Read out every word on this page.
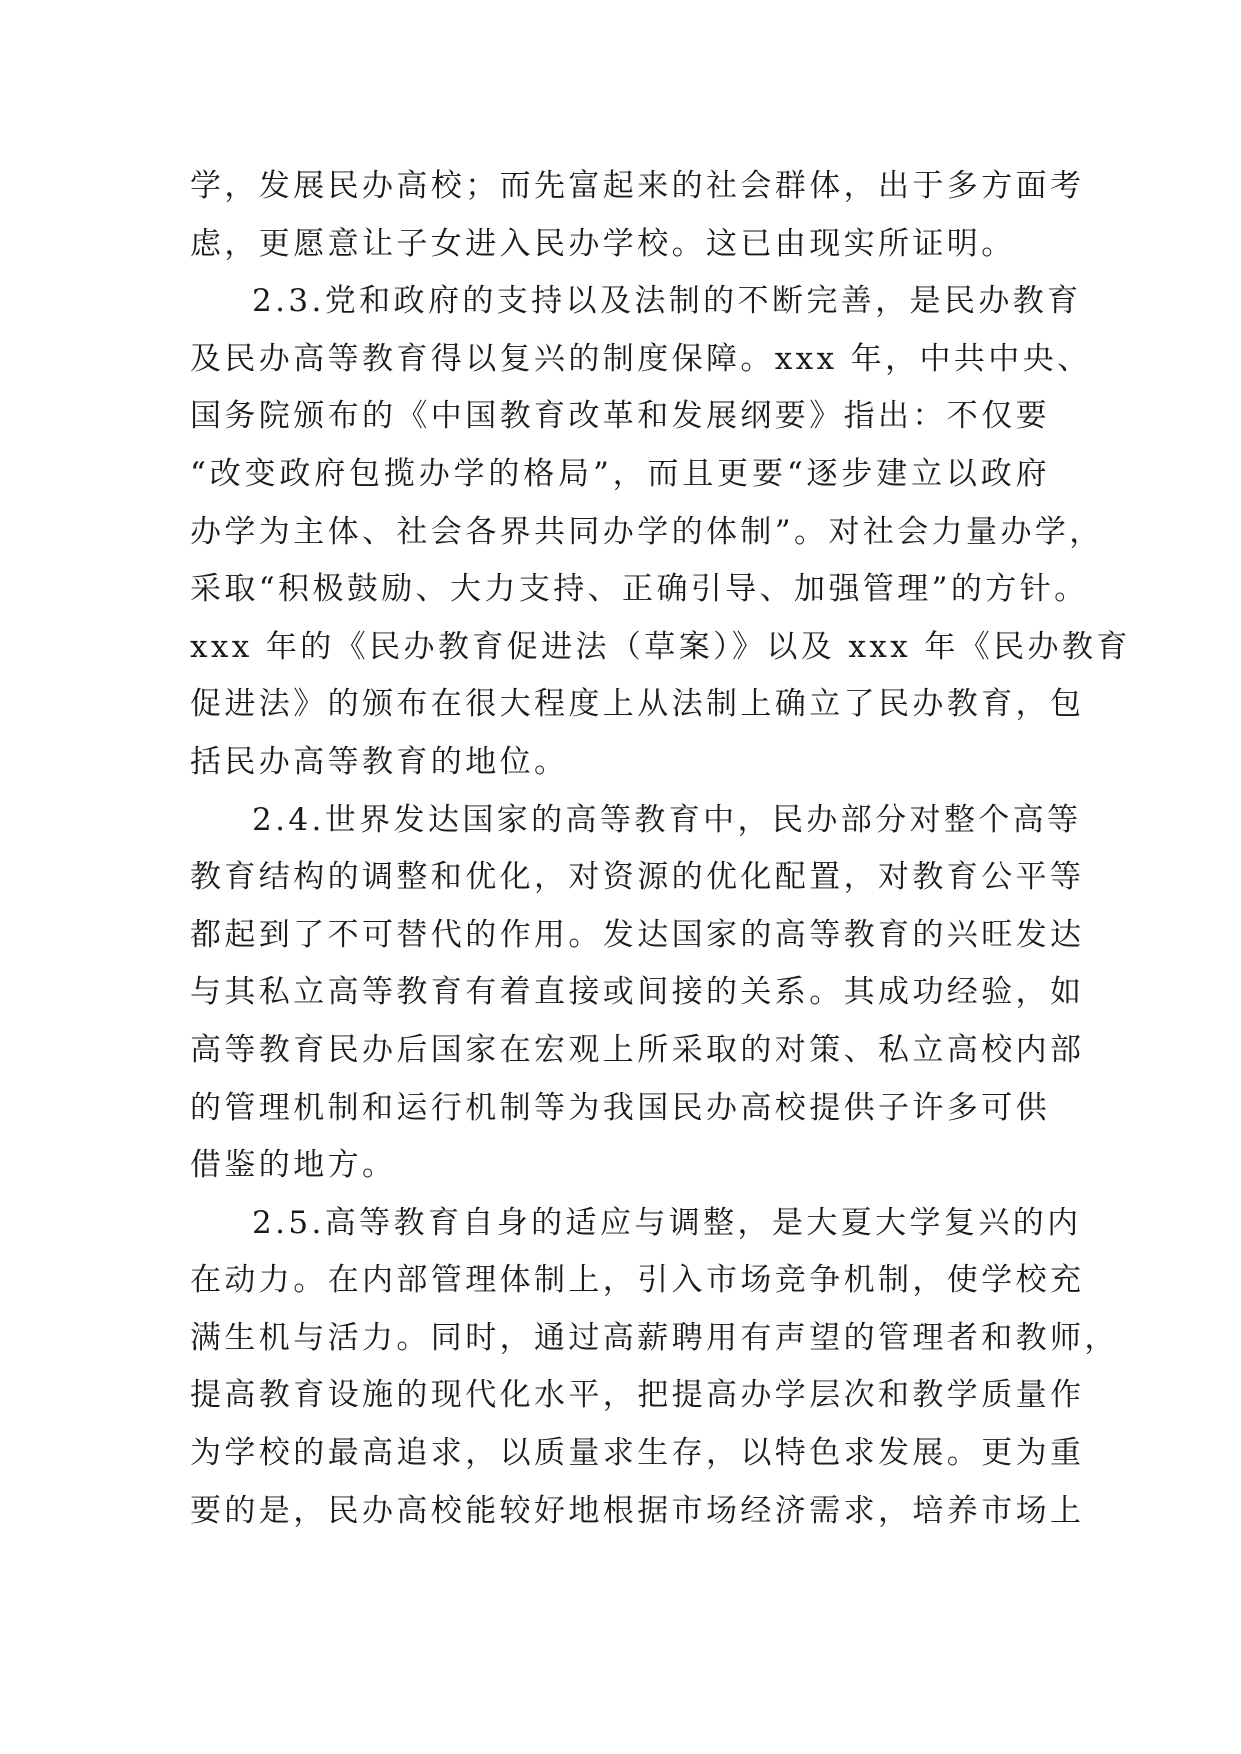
学，发展民办高校；而先富起来的社会群体，出于多方面考
虑，更愿意让子女进入民办学校。这已由现实所证明。
2.3.党和政府的支持以及法制的不断完善，是民办教育
及民办高等教育得以复兴的制度保障。xxx 年，中共中央、
国务院颁布的《中国教育改革和发展纲要》指出：不仅要
“改变政府包揽办学的格局”，而且更要“逐步建立以政府
办学为主体、社会各界共同办学的体制”。对社会力量办学，
采取“积极鼓励、大力支持、正确引导、加强管理”的方针。
xxx 年的《民办教育促进法（草案）》以及 xxx 年《民办教育
促进法》的颁布在很大程度上从法制上确立了民办教育，包
括民办高等教育的地位。
2.4.世界发达国家的高等教育中，民办部分对整个高等
教育结构的调整和优化，对资源的优化配置，对教育公平等
都起到了不可替代的作用。发达国家的高等教育的兴旺发达
与其私立高等教育有着直接或间接的关系。其成功经验，如
高等教育民办后国家在宏观上所采取的对策、私立高校内部
的管理机制和运行机制等为我国民办高校提供子许多可供
借鉴的地方。
2.5.高等教育自身的适应与调整，是大夏大学复兴的内
在动力。在内部管理体制上，引入市场竞争机制，使学校充
满生机与活力。同时，通过高薪聘用有声望的管理者和教师，
提高教育设施的现代化水平，把提高办学层次和教学质量作
为学校的最高追求，以质量求生存，以特色求发展。更为重
要的是，民办高校能较好地根据市场经济需求，培养市场上
